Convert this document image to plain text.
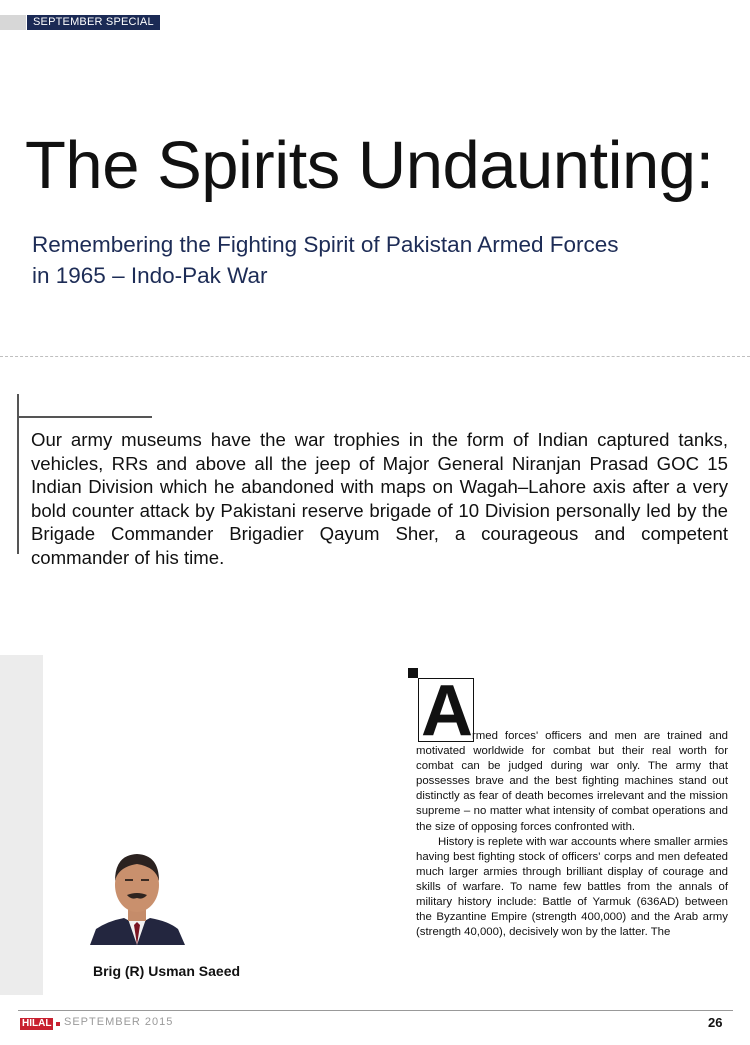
SEPTEMBER SPECIAL
The Spirits Undaunting:
Remembering the Fighting Spirit of Pakistan Armed Forces
in 1965 – Indo-Pak War

Our army museums have the war trophies in the form of Indian captured tanks, vehicles, RRs and above all the jeep of Major General Niranjan Prasad GOC 15 Indian Division which he abandoned with maps on Wagah–Lahore axis after a very bold counter attack by Pakistani reserve brigade of 10 Division personally led by the Brigade Commander Brigadier Qayum Sher, a courageous and competent commander of his time.

Brig (R) Usman Saeed
A rmed forces' officers and men are trained and motivated worldwide for combat but their real worth for combat can be judged during war only. The army that possesses brave and the best fighting machines stand out distinctly as fear of death becomes irrelevant and the mission supreme – no matter what intensity of combat operations and the size of opposing forces confronted with.

History is replete with war accounts where smaller armies having best fighting stock of officers' corps and men defeated much larger armies through brilliant display of courage and skills of warfare. To name few battles from the annals of military history include: Battle of Yarmuk (636AD) between the Byzantine Empire (strength 400,000) and the Arab army (strength 40,000), decisively won by the latter. The

HILAL SEPTEMBER 2015	26
